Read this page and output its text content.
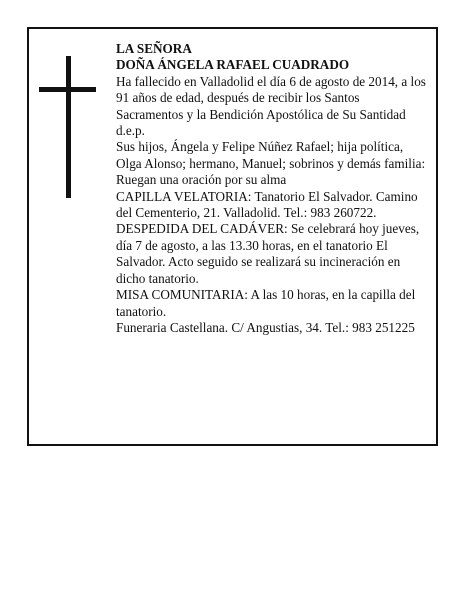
LA SEÑORA

DOÑA ÁNGELA RAFAEL CUADRADO

Ha fallecido en Valladolid el día 6 de agosto de 2014, a los 91 años de edad, después de recibir los Santos Sacramentos y la Bendición Apostólica de Su Santidad d.e.p.

Sus hijos, Ángela y Felipe Núñez Rafael; hija política, Olga Alonso; hermano, Manuel; sobrinos y demás familia:

Ruegan una oración por su alma

CAPILLA VELATORIA: Tanatorio El Salvador. Camino del Cementerio, 21. Valladolid. Tel.: 983 260722.

DESPEDIDA DEL CADÁVER: Se celebrará hoy jueves, día 7 de agosto, a las 13.30 horas, en el tanatorio El Salvador. Acto seguido se realizará su incineración en dicho tanatorio.

MISA COMUNITARIA: A las 10 horas, en la capilla del tanatorio.

Funeraria Castellana. C/ Angustias, 34. Tel.: 983 251225
